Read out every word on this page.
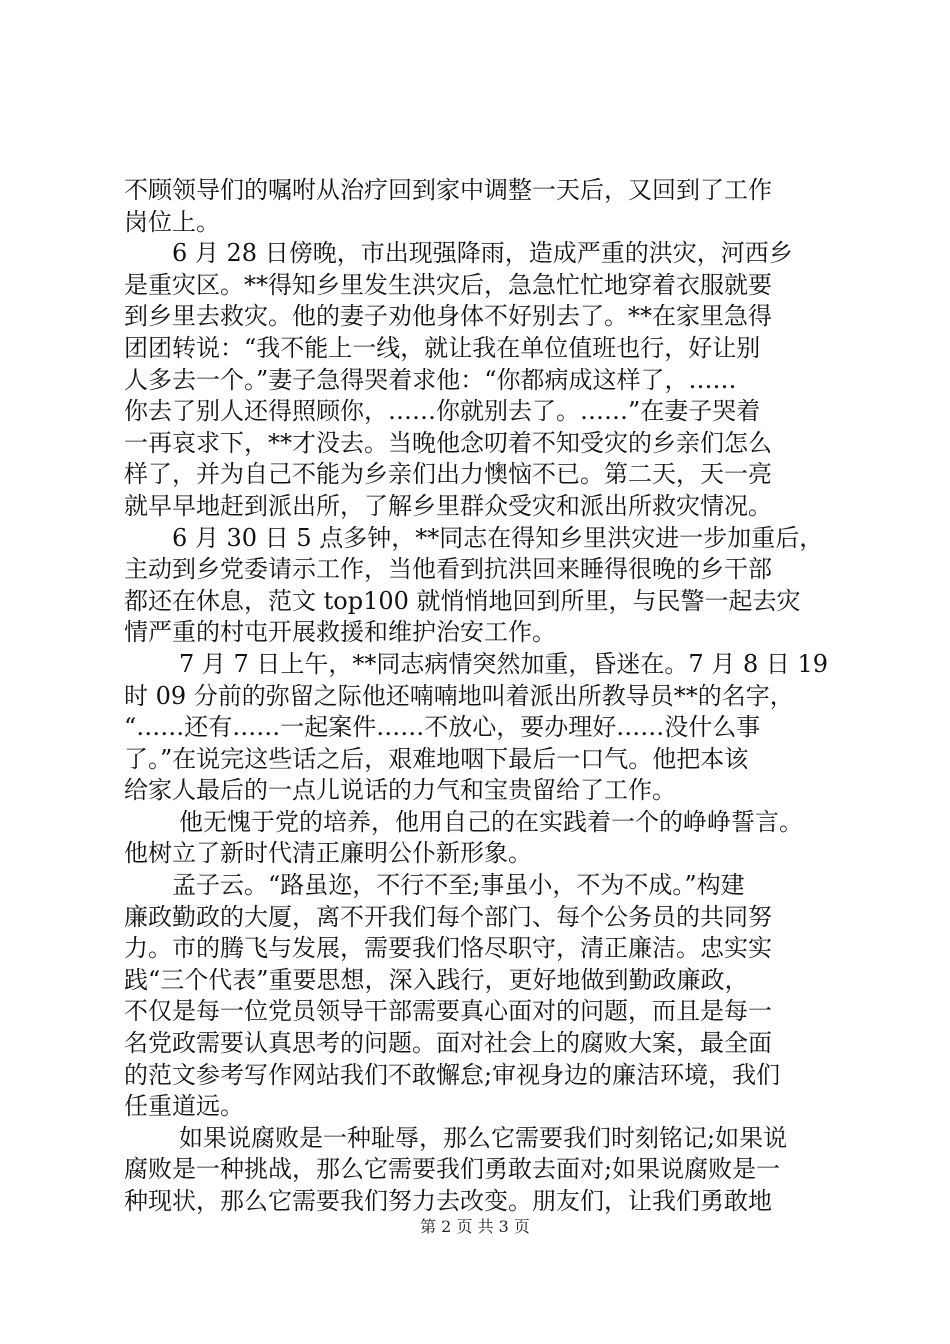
不顾领导们的嘱咐从治疗回到家中调整一天后，又回到了工作
岗位上。
6 月 28 日傍晚，市出现强降雨，造成严重的洪灾，河西乡
是重灾区。**得知乡里发生洪灾后，急急忙忙地穿着衣服就要
到乡里去救灾。他的妻子劝他身体不好别去了。**在家里急得
团团转说：“我不能上一线，就让我在单位值班也行，好让别
人多去一个。”妻子急得哭着求他：“你都病成这样了，……
你去了别人还得照顾你，……你就别去了。……”在妻子哭着
一再哀求下，**才没去。当晚他念叨着不知受灾的乡亲们怎么
样了，并为自己不能为乡亲们出力懊恼不已。第二天，天一亮
就早早地赶到派出所，了解乡里群众受灾和派出所救灾情况。
6 月 30 日 5 点多钟，**同志在得知乡里洪灾进一步加重后，
主动到乡党委请示工作，当他看到抗洪回来睡得很晚的乡干部
都还在休息，范文 top100 就悄悄地回到所里，与民警一起去灾
情严重的村屯开展救援和维护治安工作。
7 月 7 日上午，**同志病情突然加重，昏迷在。7 月 8 日 19
时 09 分前的弥留之际他还喃喃地叫着派出所教导员**的名字，
“……还有……一起案件……不放心，要办理好……没什么事
了。”在说完这些话之后，艰难地咽下最后一口气。他把本该
给家人最后的一点儿说话的力气和宝贵留给了工作。
他无愧于党的培养，他用自己的在实践着一个的峥峥誓言。
他树立了新时代清正廉明公仆新形象。
孟子云。“路虽迩，不行不至;事虽小，不为不成。”构建
廉政勤政的大厦，离不开我们每个部门、每个公务员的共同努
力。市的腾飞与发展，需要我们恪尽职守，清正廉洁。忠实实
践“三个代表”重要思想，深入践行，更好地做到勤政廉政，
不仅是每一位党员领导干部需要真心面对的问题，而且是每一
名党政需要认真思考的问题。面对社会上的腐败大案，最全面
的范文参考写作网站我们不敢懈怠;审视身边的廉洁环境，我们
任重道远。
如果说腐败是一种耻辱，那么它需要我们时刻铭记;如果说
腐败是一种挑战，那么它需要我们勇敢去面对;如果说腐败是一
种现状，那么它需要我们努力去改变。朋友们，让我们勇敢地
第 2 页 共 3 页
